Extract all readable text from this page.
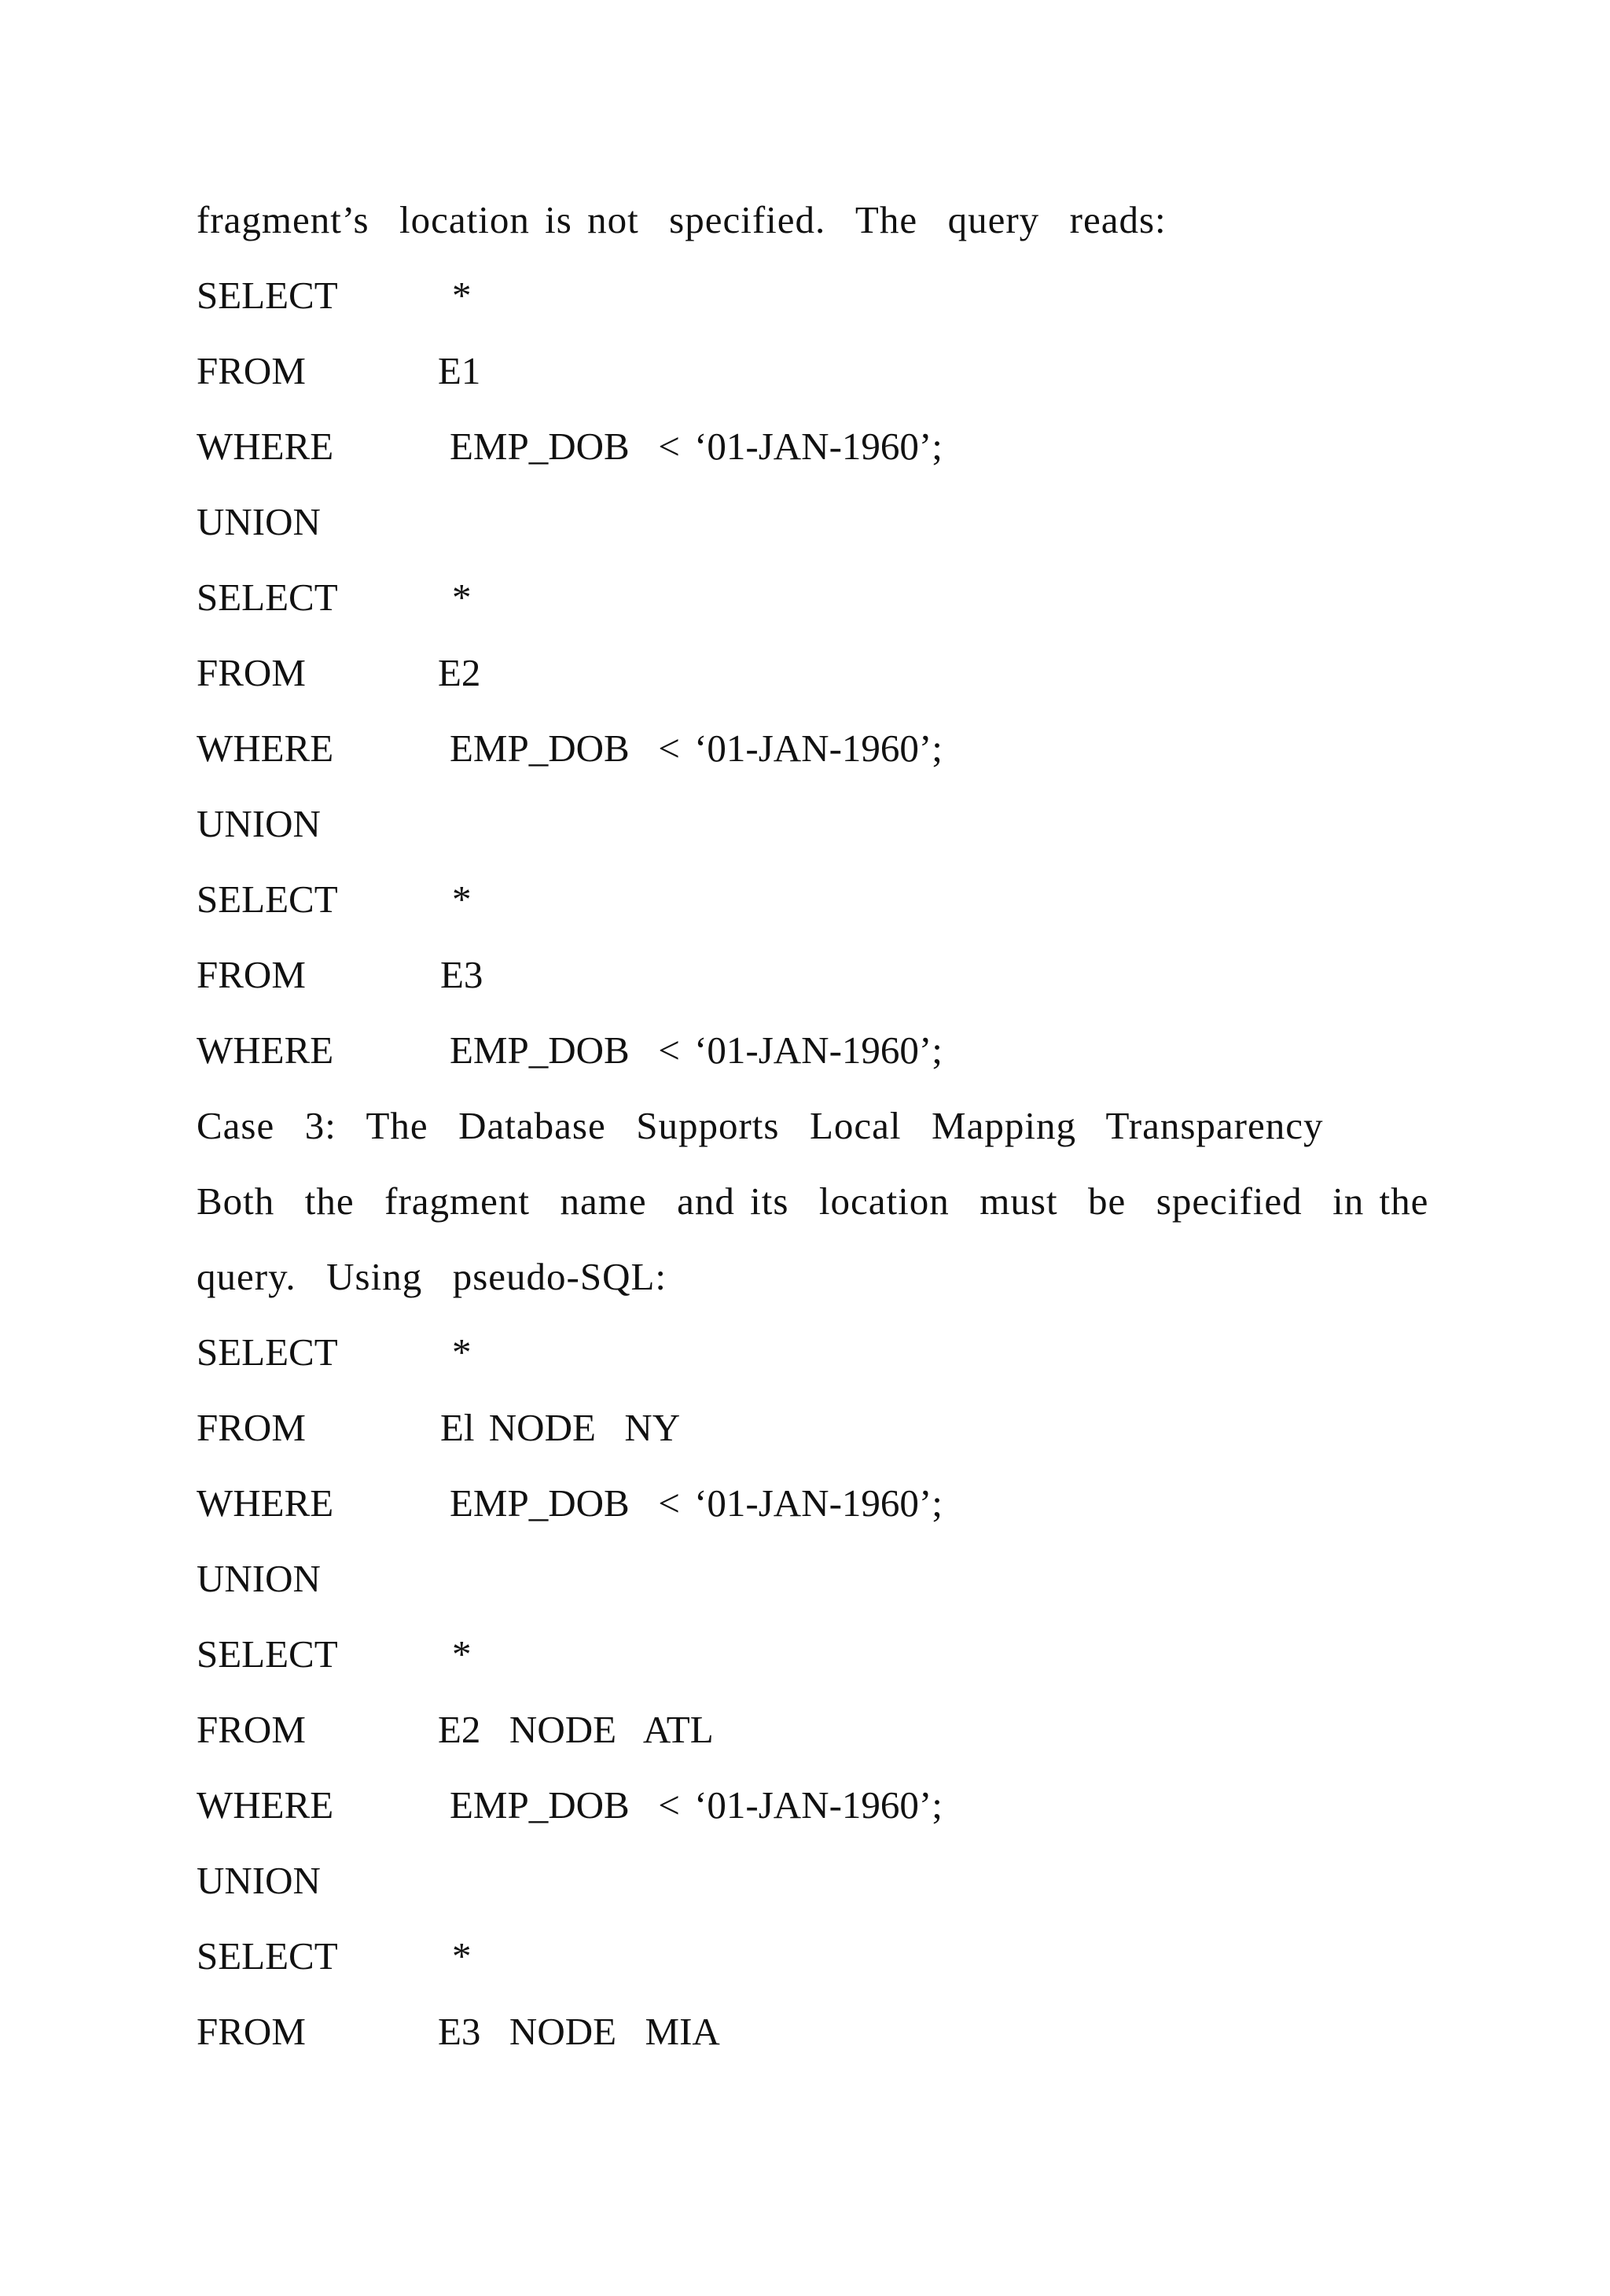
fragment’s  location is not  specified.  The  query  reads:

SELECT

	*

FROM

	E1

WHERE

	EMP_DOB  < ‘01-JAN-1960’;

UNION

SELECT

	*

FROM

	E2

WHERE

	EMP_DOB  < ‘01-JAN-1960’;

UNION

SELECT

	*

FROM

	E3

WHERE

	EMP_DOB  < ‘01-JAN-1960’;

Case  3:  The  Database  Supports  Local  Mapping  Transparency
Both  the  fragment  name  and its  location  must  be  specified  in the
query.  Using  pseudo-SQL:

SELECT

	*

FROM

	El NODE  NY

WHERE

	EMP_DOB  < ‘01-JAN-1960’;

UNION

SELECT

	*

FROM

	E2  NODE  ATL

WHERE

	EMP_DOB  < ‘01-JAN-1960’;

UNION

SELECT

	*

FROM

	E3  NODE  MIA
